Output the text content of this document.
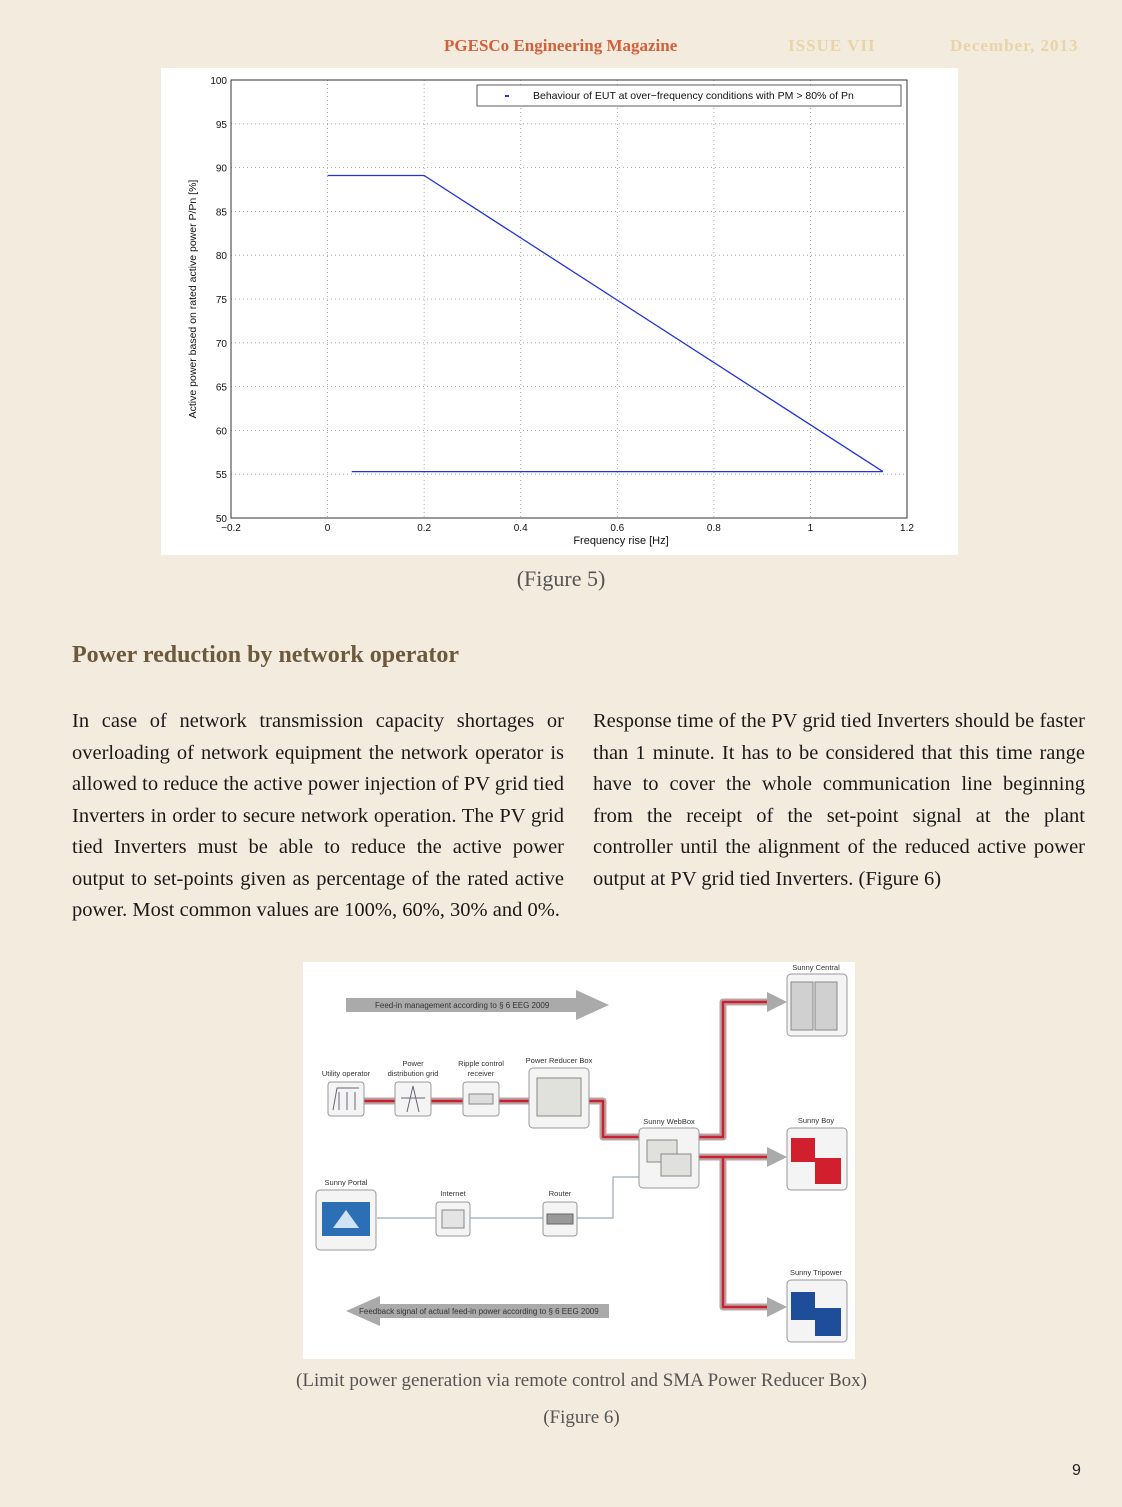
PGESCo Engineering Magazine	ISSUE VII	December, 2013
−0.2	0	0.2	0.4	0.6	0.8	1	1.2
50
55
60
65
70
75
80
85
90
95
100
Behaviour of EUT at over−frequency conditions with PM > 80% of Pn
Frequency rise [Hz]
Active power based on rated active power P/Pn [%]
(Figure 5)
Power reduction by network operator
In case of network transmission capacity shortages or overloading of network equipment the network operator is allowed to reduce the active power injection of PV grid tied Inverters in order to secure network operation. The PV grid tied Inverters must be able to reduce the active power output to set-points given as percentage of the rated active power. Most common values are 100%, 60%, 30% and 0%.
Response time of the PV grid tied Inverters should be faster than 1 minute. It has to be considered that this time range have to cover the whole communication line beginning from the receipt of the set-point signal at the plant controller until the alignment of the reduced active power output at PV grid tied Inverters. (Figure 6)
Feed-in management according to § 6 EEG 2009
Feedback signal of actual feed-in power according to § 6 EEG 2009
Utility operator
Power
distribution grid
Ripple control
receiver
Power Reducer Box
Sunny WebBox
Sunny Portal
Internet	Router
Sunny Central
Sunny Boy
Sunny Tripower
(Limit power generation via remote control and SMA Power Reducer Box)
(Figure 6)
9
